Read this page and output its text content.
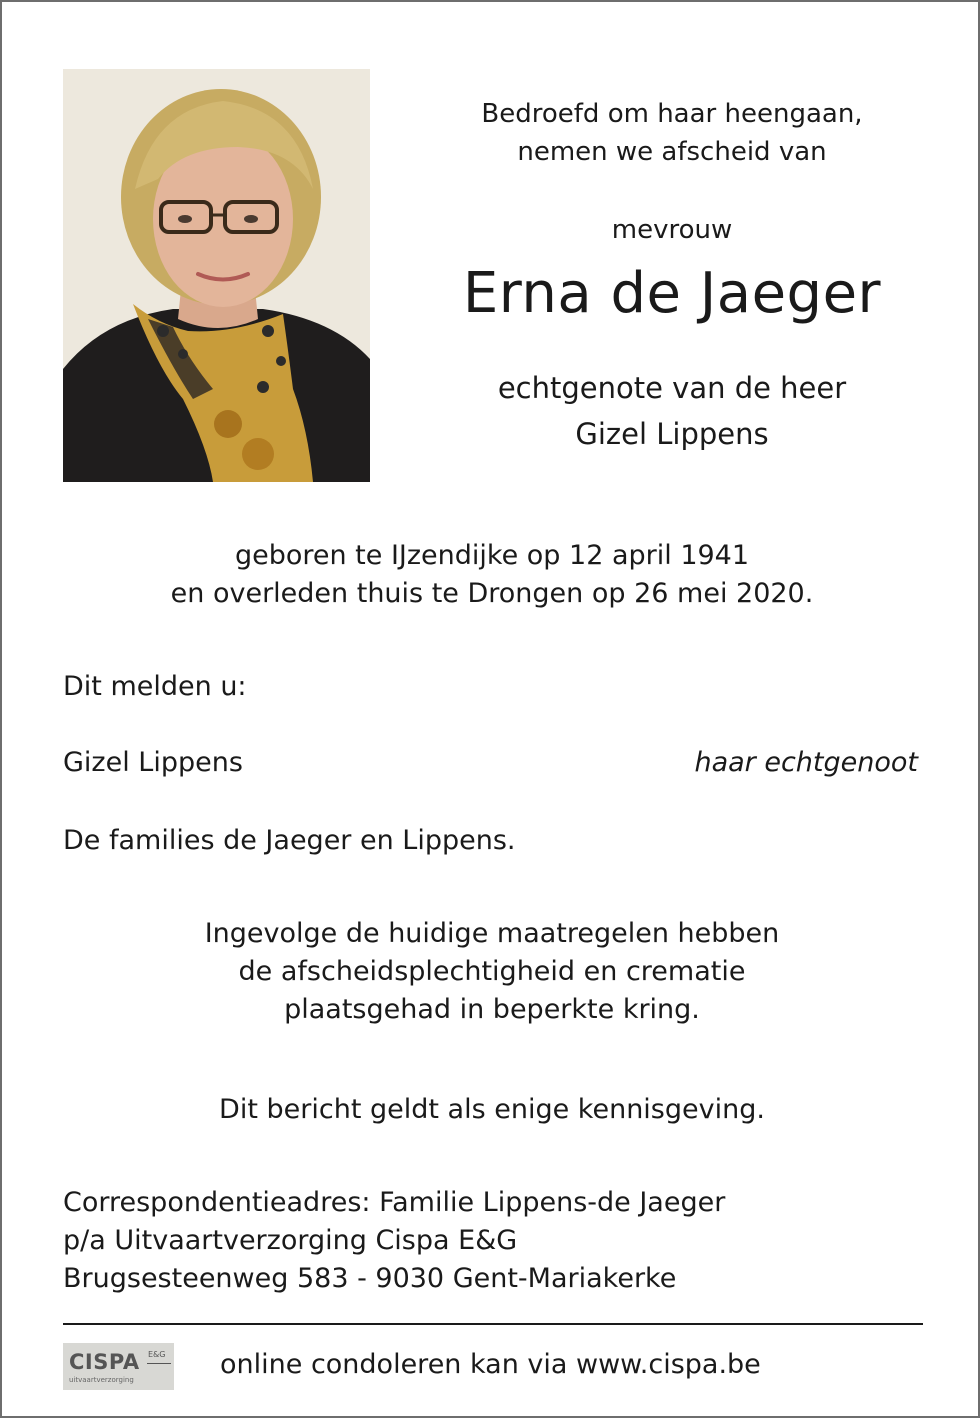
Bedroefd om haar heengaan,
nemen we afscheid van
mevrouw
Erna de Jaeger
echtgenote van de heer
Gizel Lippens
geboren te IJzendijke op 12 april 1941
en overleden thuis te Drongen op 26 mei 2020.
Dit melden u:
Gizel Lippens	haar echtgenoot
De families de Jaeger en Lippens.
Ingevolge de huidige maatregelen hebben
de afscheidsplechtigheid en crematie
plaatsgehad in beperkte kring.
Dit bericht geldt als enige kennisgeving.
Correspondentieadres: Familie Lippens-de Jaeger
p/a Uitvaartverzorging Cispa E&G
Brugsesteenweg 583 - 9030 Gent-Mariakerke
CISPA E&G
uitvaartverzorging	online condoleren kan via www.cispa.be
